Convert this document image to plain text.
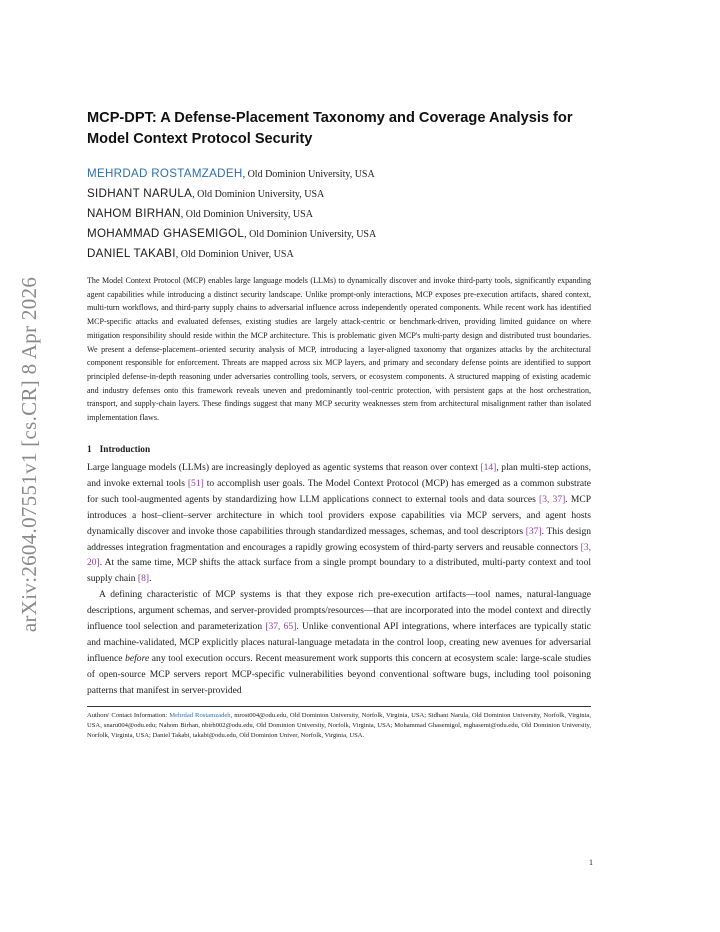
arXiv:2604.07551v1 [cs.CR] 8 Apr 2026
MCP-DPT: A Defense-Placement Taxonomy and Coverage Analysis for Model Context Protocol Security
MEHRDAD ROSTAMZADEH, Old Dominion University, USA
SIDHANT NARULA, Old Dominion University, USA
NAHOM BIRHAN, Old Dominion University, USA
MOHAMMAD GHASEMIGOL, Old Dominion University, USA
DANIEL TAKABI, Old Dominion Univer, USA
The Model Context Protocol (MCP) enables large language models (LLMs) to dynamically discover and invoke third-party tools, significantly expanding agent capabilities while introducing a distinct security landscape. Unlike prompt-only interactions, MCP exposes pre-execution artifacts, shared context, multi-turn workflows, and third-party supply chains to adversarial influence across independently operated components. While recent work has identified MCP-specific attacks and evaluated defenses, existing studies are largely attack-centric or benchmark-driven, providing limited guidance on where mitigation responsibility should reside within the MCP architecture. This is problematic given MCP's multi-party design and distributed trust boundaries. We present a defense-placement–oriented security analysis of MCP, introducing a layer-aligned taxonomy that organizes attacks by the architectural component responsible for enforcement. Threats are mapped across six MCP layers, and primary and secondary defense points are identified to support principled defense-in-depth reasoning under adversaries controlling tools, servers, or ecosystem components. A structured mapping of existing academic and industry defenses onto this framework reveals uneven and predominantly tool-centric protection, with persistent gaps at the host orchestration, transport, and supply-chain layers. These findings suggest that many MCP security weaknesses stem from architectural misalignment rather than isolated implementation flaws.
1 Introduction

Large language models (LLMs) are increasingly deployed as agentic systems that reason over context [14], plan multi-step actions, and invoke external tools [51] to accomplish user goals. The Model Context Protocol (MCP) has emerged as a common substrate for such tool-augmented agents by standardizing how LLM applications connect to external tools and data sources [3, 37]. MCP introduces a host–client–server architecture in which tool providers expose capabilities via MCP servers, and agent hosts dynamically discover and invoke those capabilities through standardized messages, schemas, and tool descriptors [37]. This design addresses integration fragmentation and encourages a rapidly growing ecosystem of third-party servers and reusable connectors [3, 20]. At the same time, MCP shifts the attack surface from a single prompt boundary to a distributed, multi-party context and tool supply chain [8].

A defining characteristic of MCP systems is that they expose rich pre-execution artifacts—tool names, natural-language descriptions, argument schemas, and server-provided prompts/resources—that are incorporated into the model context and directly influence tool selection and parameterization [37, 65]. Unlike conventional API integrations, where interfaces are typically static and machine-validated, MCP explicitly places natural-language metadata in the control loop, creating new avenues for adversarial influence before any tool execution occurs. Recent measurement work supports this concern at ecosystem scale: large-scale studies of open-source MCP servers report MCP-specific vulnerabilities beyond conventional software bugs, including tool poisoning patterns that manifest in server-provided

Authors' Contact Information: Mehrdad Rostamzadeh, mrost004@odu.edu, Old Dominion University, Norfolk, Virginia, USA; Sidhant Narula, Old Dominion University, Norfolk, Virginia, USA, snaru004@odu.edu; Nahom Birhan, nbirh002@odu.edu, Old Dominion University, Norfolk, Virginia, USA; Mohammad Ghasemigol, mghasemi@odu.edu, Old Dominion University, Norfolk, Virginia, USA; Daniel Takabi, takabi@odu.edu, Old Dominion Univer, Norfolk, Virginia, USA.
1
